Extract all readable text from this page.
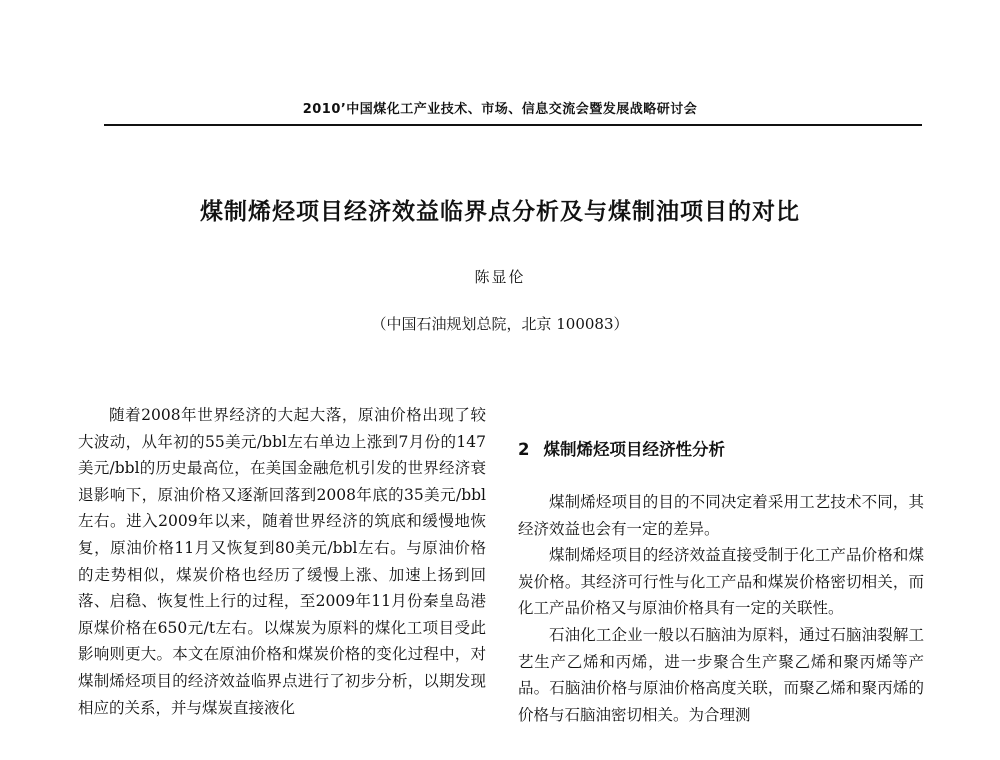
2010’中国煤化工产业技术、市场、信息交流会暨发展战略研讨会
煤制烯烃项目经济效益临界点分析及与煤制油项目的对比
陈显伦
（中国石油规划总院，北京 100083）

随着2008年世界经济的大起大落，原油价格出现了较大波动，从年初的55美元/bbl左右单边上涨到7月份的147美元/bbl的历史最高位，在美国金融危机引发的世界经济衰退影响下，原油价格又逐渐回落到2008年底的35美元/bbl左右。进入2009年以来，随着世界经济的筑底和缓慢地恢复，原油价格11月又恢复到80美元/bbl左右。与原油价格的走势相似，煤炭价格也经历了缓慢上涨、加速上扬到回落、启稳、恢复性上行的过程，至2009年11月份秦皇岛港原煤价格在650元/t左右。以煤炭为原料的煤化工项目受此影响则更大。本文在原油价格和煤炭价格的变化过程中，对煤制烯烃项目的经济效益临界点进行了初步分析，以期发现相应的关系，并与煤炭直接液化

2 煤制烯烃项目经济性分析

煤制烯烃项目的目的不同决定着采用工艺技术不同，其经济效益也会有一定的差异。

煤制烯烃项目的经济效益直接受制于化工产品价格和煤炭价格。其经济可行性与化工产品和煤炭价格密切相关，而化工产品价格又与原油价格具有一定的关联性。

石油化工企业一般以石脑油为原料，通过石脑油裂解工艺生产乙烯和丙烯，进一步聚合生产聚乙烯和聚丙烯等产品。石脑油价格与原油价格高度关联，而聚乙烯和聚丙烯的价格与石脑油密切相关。为合理测
